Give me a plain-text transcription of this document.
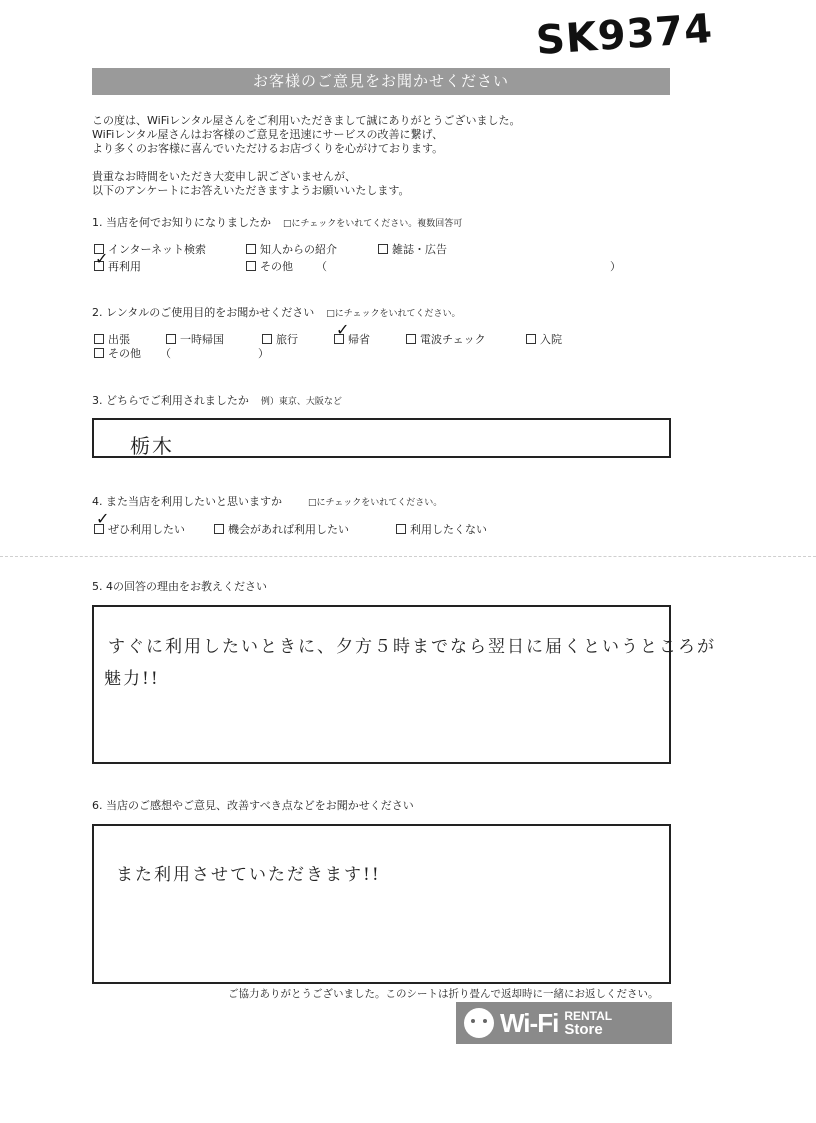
SK9374
お客様のご意見をお聞かせください
この度は、WiFiレンタル屋さんをご利用いただきまして誠にありがとうございました。
WiFiレンタル屋さんはお客様のご意見を迅速にサービスの改善に繋げ、
より多くのお客様に喜んでいただけるお店づくりを心がけております。
貴重なお時間をいただき大変申し訳ございませんが、
以下のアンケートにお答えいただきますようお願いいたします。
1. 当店を何でお知りになりましたか □にチェックをいれてください。複数回答可
インターネット検索	知人からの紹介	雑誌・広告
再利用
✓	その他 （	）
2. レンタルのご使用目的をお聞かせください □にチェックをいれてください。
出張	一時帰国	旅行	帰省
✓
電波チェック	入院
その他 （	）
3. どちらでご利用されましたか 例）東京、大阪など
栃木
4. また当店を利用したいと思いますか	□にチェックをいれてください。
ぜひ利用したい
✓
機会があれば利用したい	利用したくない
5. 4の回答の理由をお教えください
すぐに利用したいときに、夕方５時までなら翌日に届くというところが
魅力!!
6. 当店のご感想やご意見、改善すべき点などをお聞かせください
また利用させていただきます!!
ご協力ありがとうございました。このシートは折り畳んで返却時に一緒にお返しください。
Wi-Fi RENTAL
Store
